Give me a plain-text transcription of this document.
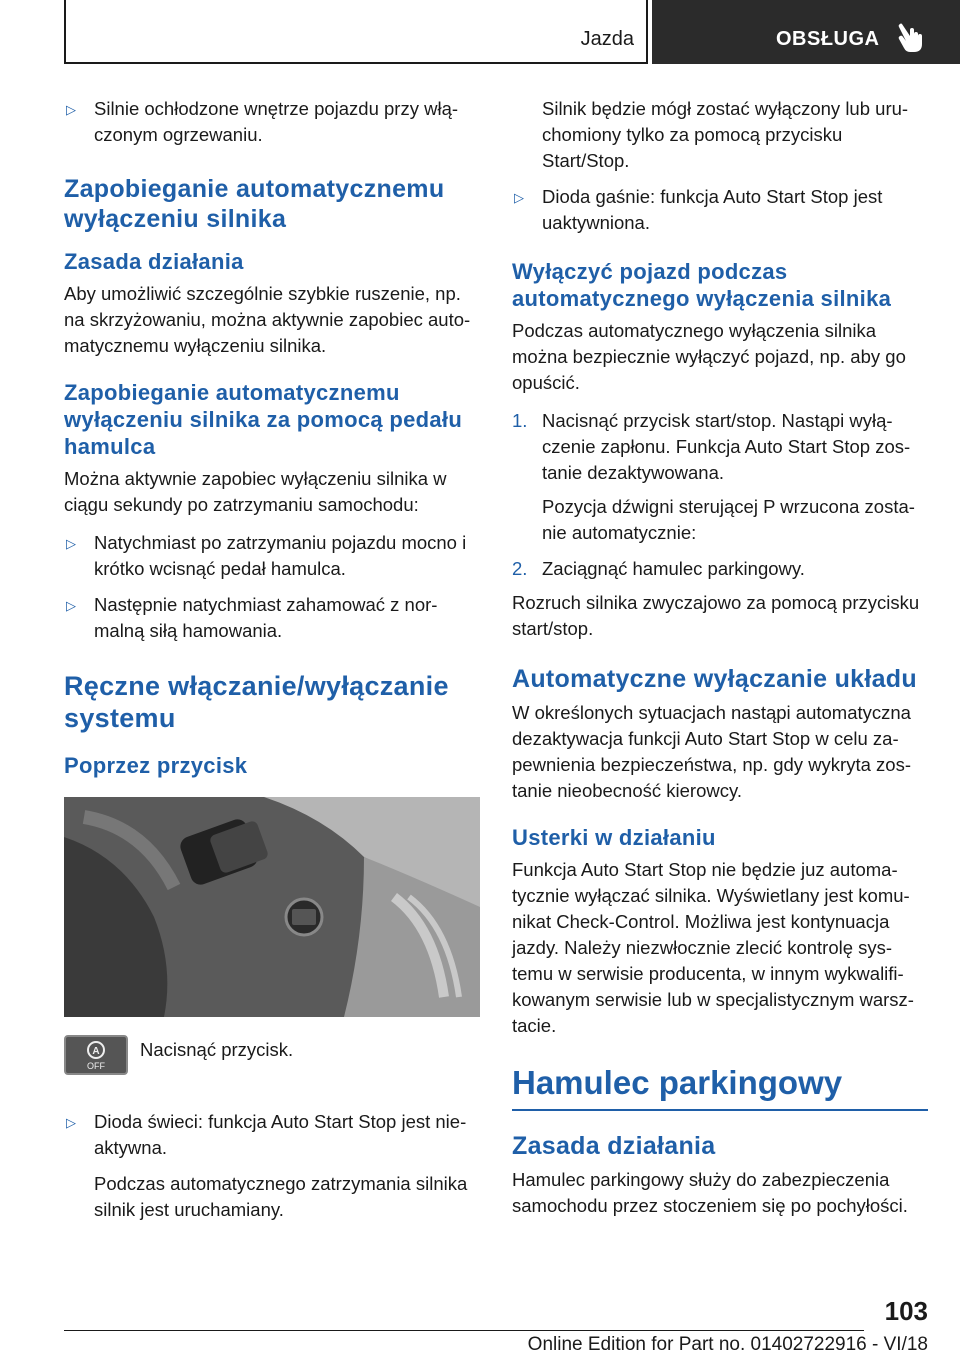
Jazda	OBSŁUGA
▷ Silnie ochłodzone wnętrze pojazdu przy włą‐czonym ogrzewaniu.
Zapobieganie automatycznemu wyłączeniu silnika
Zasada działania

Aby umożliwić szczególnie szybkie ruszenie, np. na skrzyżowaniu, można aktywnie zapobiec auto‐matycznemu wyłączeniu silnika.

Zapobieganie automatycznemu wyłączeniu silnika za pomocą pedału hamulca

Można aktywnie zapobiec wyłączeniu silnika w ciągu sekundy po zatrzymaniu samochodu:

▷ Natychmiast po zatrzymaniu pojazdu mocno i krótko wcisnąć pedał hamulca.
▷ Następnie natychmiast zahamować z nor‐malną siłą hamowania.
Ręczne włączanie/wyłączanie systemu
Poprzez przycisk
A
OFF
Nacisnąć przycisk.
▷ Dioda świeci: funkcja Auto Start Stop jest nie‐aktywna.
Podczas automatycznego zatrzymania silnika silnik jest uruchamiany.
Silnik będzie mógł zostać wyłączony lub uru‐chomiony tylko za pomocą przycisku Start/Stop.
▷ Dioda gaśnie: funkcja Auto Start Stop jest uaktywniona.
Wyłączyć pojazd podczas automatycznego wyłączenia silnika

Podczas automatycznego wyłączenia silnika można bezpiecznie wyłączyć pojazd, np. aby go opuścić.

1. Nacisnąć przycisk start/stop. Nastąpi wyłą‐czenie zapłonu. Funkcja Auto Start Stop zos‐tanie dezaktywowana.
Pozycja dźwigni sterującej P wrzucona zosta‐nie automatycznie:
2. Zaciągnąć hamulec parkingowy.

Rozruch silnika zwyczajowo za pomocą przycisku start/stop.

Automatyczne wyłączanie układu

W określonych sytuacjach nastąpi automatyczna dezaktywacja funkcji Auto Start Stop w celu za‐pewnienia bezpieczeństwa, np. gdy wykryta zos‐tanie nieobecność kierowcy.

Usterki w działaniu

Funkcja Auto Start Stop nie będzie juz automa‐tycznie wyłączać silnika. Wyświetlany jest komu‐nikat Check-Control. Możliwa jest kontynuacja jazdy. Należy niezwłocznie zlecić kontrolę sys‐temu w serwisie producenta, w innym wykwalifi‐kowanym serwisie lub w specjalistycznym warsz‐tacie.

Hamulec parkingowy
Zasada działania

Hamulec parkingowy służy do zabezpieczenia samochodu przez stoczeniem się po pochyłości.

103
Online Edition for Part no. 01402722916 - VI/18
